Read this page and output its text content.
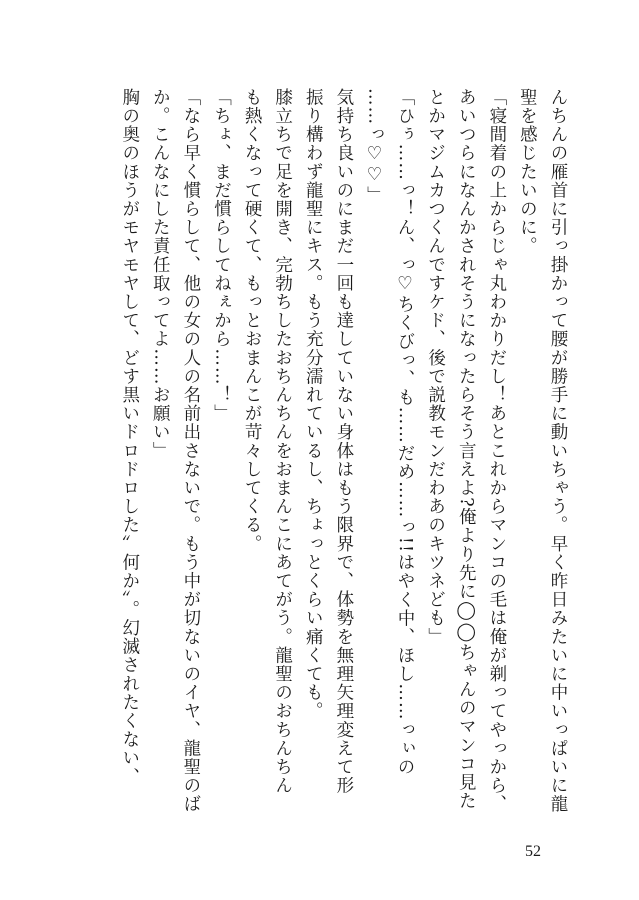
んちんの雁首に引っ掛かって腰が勝手に動いちゃう。早く昨日みたいに中いっぱいに龍
聖を感じたいのに。
「寝間着の上からじゃ丸わかりだし！あとこれからマンコの毛は俺が剃ってやっから、
あいつらになんかされそうになったらそう言えよ?俺より先に◯◯ちゃんのマンコ見た
とかマジムカつくんですケド、後で説教モンだわあのキツネども」
「ひぅ……っ！ん、っ♡ちくびっ、も……だめ……っ!!はやく中、ほし……っぃの
……っ♡♡」
気持ち良いのにまだ一回も達していない身体はもう限界で、体勢を無理矢理変えて形
振り構わず龍聖にキス。もう充分濡れているし、ちょっとくらい痛くても。
膝立ちで足を開き、完勃ちしたおちんちんをおまんこにあてがう。龍聖のおちんちん
も熱くなって硬くて、もっとおまんこが苛々してくる。
「ちょ、まだ慣らしてねぇから……！」
「なら早く慣らして、他の女の人の名前出さないで。もう中が切ないのイヤ、龍聖のば
か。こんなにした責任取ってよ……お願い」
胸の奥のほうがモヤモヤして、どす黒いドロドロした〞何か〟。幻滅されたくない、
52
